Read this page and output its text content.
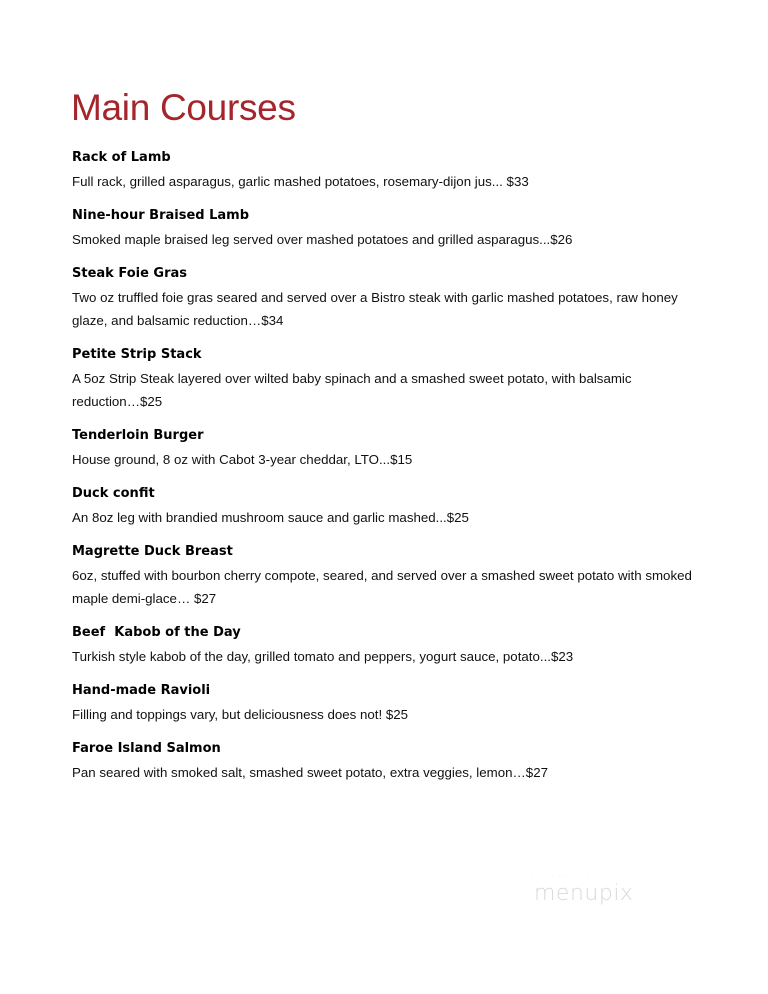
Main Courses
Rack of Lamb
Full rack, grilled asparagus, garlic mashed potatoes, rosemary-dijon jus... $33
Nine-hour Braised Lamb
Smoked maple braised leg served over mashed potatoes and grilled asparagus...$26
Steak Foie Gras
Two oz truffled foie gras seared and served over a Bistro steak with garlic mashed potatoes, raw honey glaze, and balsamic reduction…$34
Petite Strip Stack
A 5oz Strip Steak layered over wilted baby spinach and a smashed sweet potato, with balsamic reduction…$25
Tenderloin Burger
House ground, 8 oz with Cabot 3-year cheddar, LTO...$15
Duck confit
An 8oz leg with brandied mushroom sauce and garlic mashed...$25
Magrette Duck Breast
6oz, stuffed with bourbon cherry compote, seared, and served over a smashed sweet potato with smoked maple demi-glace… $27
Beef  Kabob of the Day
Turkish style kabob of the day, grilled tomato and peppers, yogurt sauce, potato...$23
Hand-made Ravioli
Filling and toppings vary, but deliciousness does not! $25
Faroe Island Salmon
Pan seared with smoked salt, smashed sweet potato, extra veggies, lemon…$27
· · · · · · · · · · · · ·
menupix
